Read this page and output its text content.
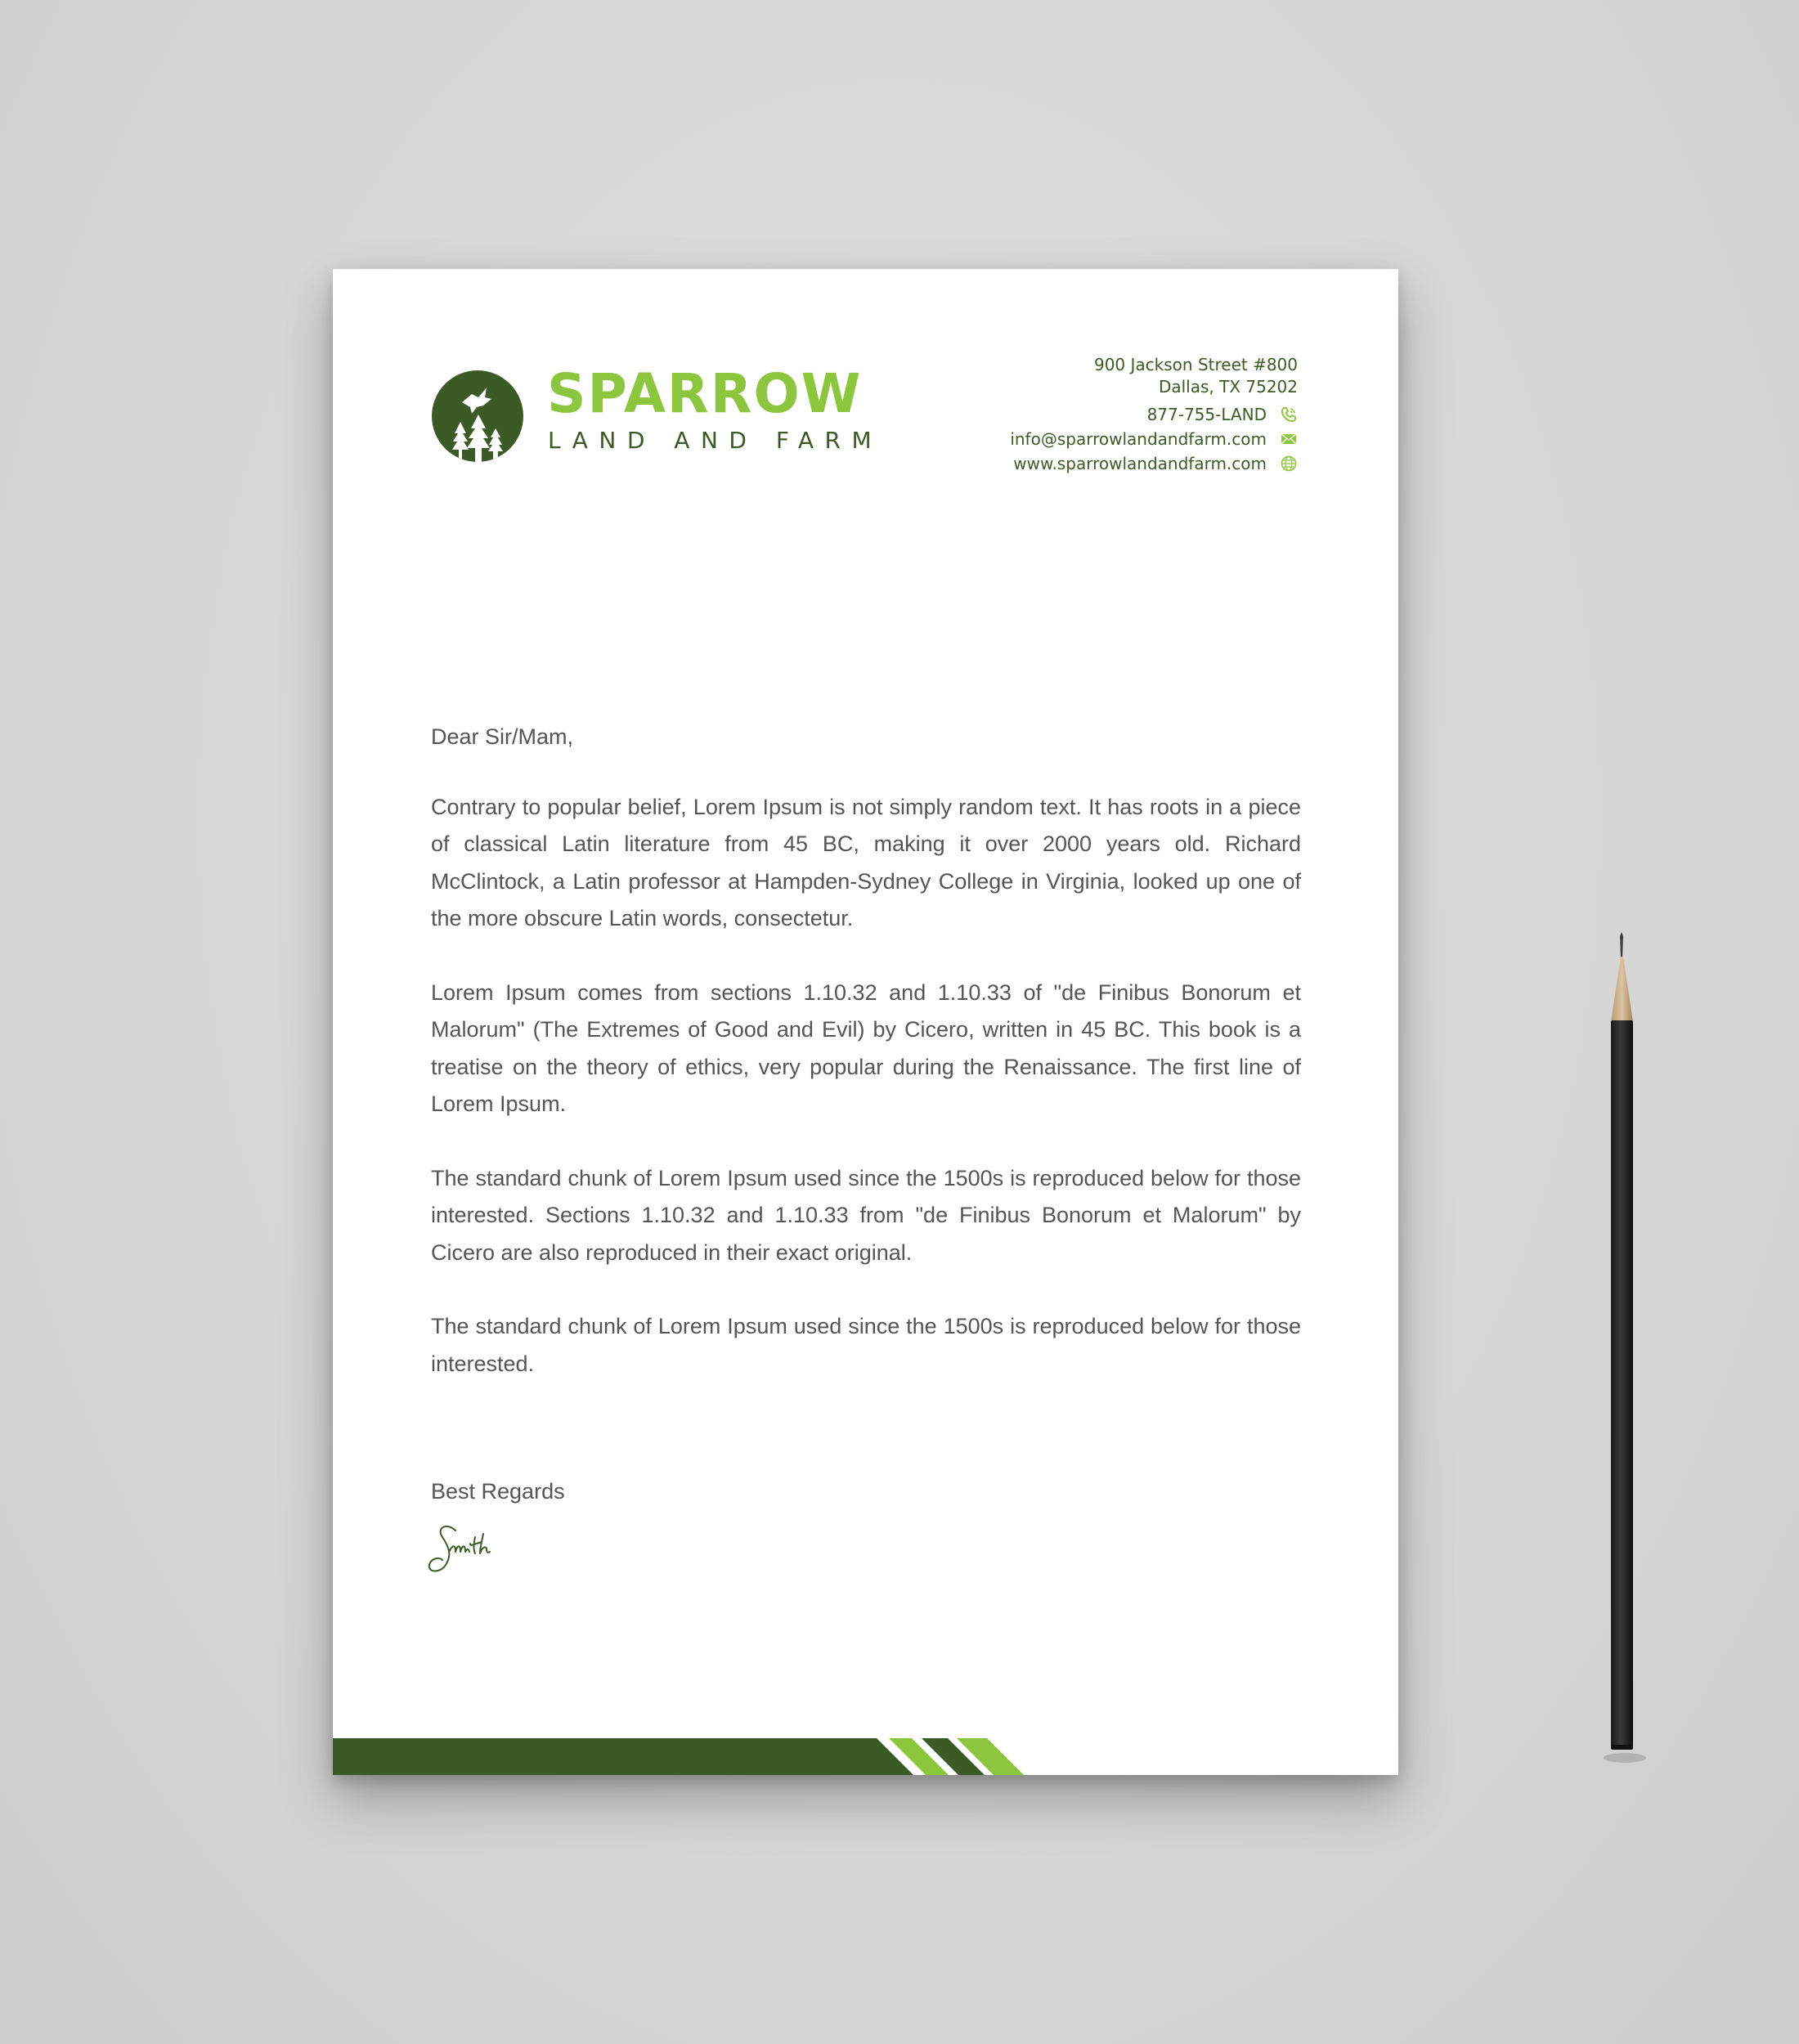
SPARROW

LAND AND FARM

900 Jackson Street #800
Dallas, TX 75202
877-755-LAND
info@sparrowlandandfarm.com
www.sparrowlandandfarm.com

Dear Sir/Mam,

Contrary to popular belief, Lorem Ipsum is not simply random text. It has roots in a piece of classical Latin literature from 45 BC, making it over 2000 years old. Richard McClintock, a Latin professor at Hampden-Sydney College in Virginia, looked up one of the more obscure Latin words, consectetur.

Lorem Ipsum comes from sections 1.10.32 and 1.10.33 of "de Finibus Bonorum et Malorum" (The Extremes of Good and Evil) by Cicero, written in 45 BC. This book is a treatise on the theory of ethics, very popular during the Renaissance. The first line of Lorem Ipsum.

The standard chunk of Lorem Ipsum used since the 1500s is reproduced below for those interested. Sections 1.10.32 and 1.10.33 from "de Finibus Bonorum et Malorum" by Cicero are also reproduced in their exact original.

The standard chunk of Lorem Ipsum used since the 1500s is reproduced below for those interested.

Best Regards
